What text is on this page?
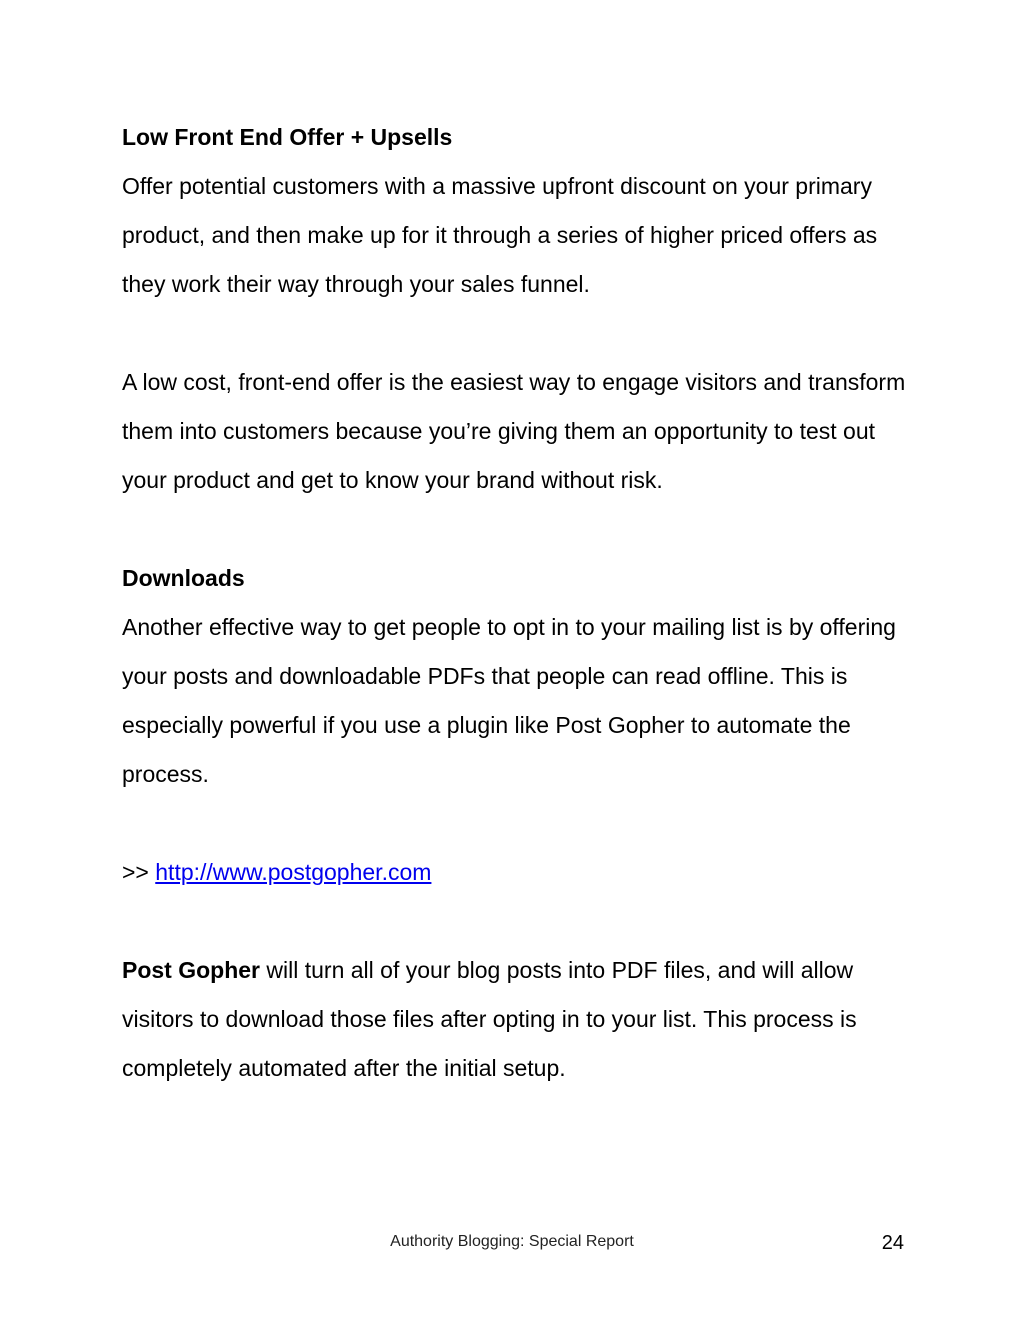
Low Front End Offer + Upsells

Offer potential customers with a massive upfront discount on your primary product, and then make up for it through a series of higher priced offers as they work their way through your sales funnel.

A low cost, front-end offer is the easiest way to engage visitors and transform them into customers because you’re giving them an opportunity to test out your product and get to know your brand without risk.

Downloads

Another effective way to get people to opt in to your mailing list is by offering your posts and downloadable PDFs that people can read offline. This is especially powerful if you use a plugin like Post Gopher to automate the process.

>> http://www.postgopher.com

Post Gopher will turn all of your blog posts into PDF files, and will allow visitors to download those files after opting in to your list. This process is completely automated after the initial setup.

Authority Blogging: Special Report	24
